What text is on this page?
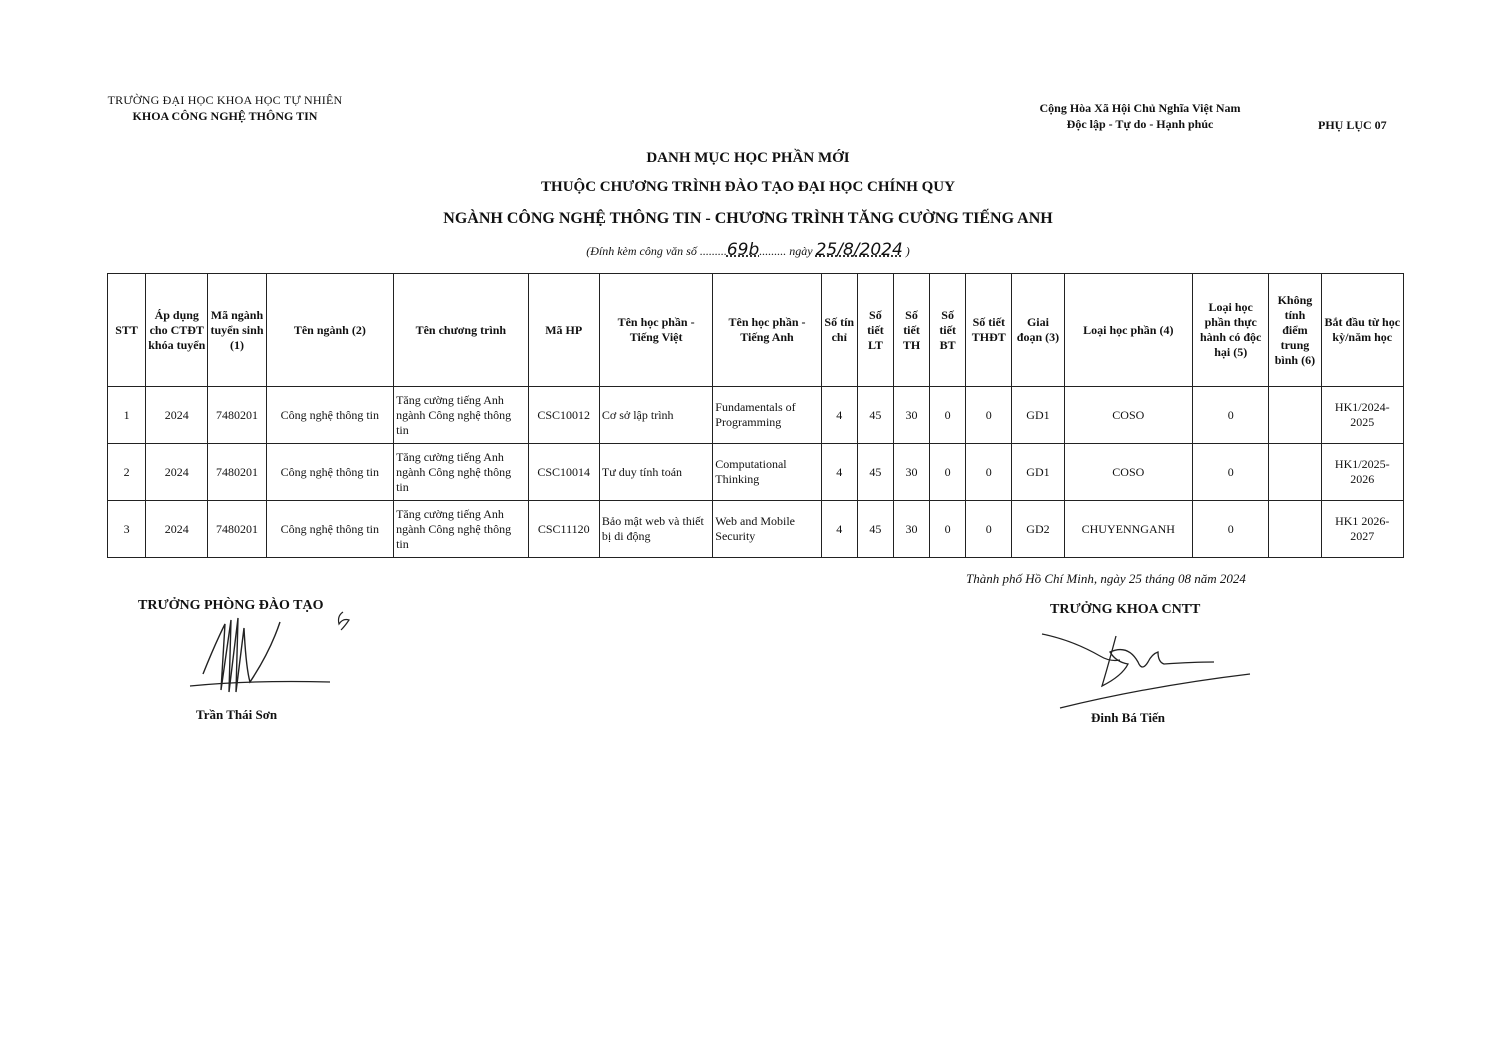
TRƯỜNG ĐẠI HỌC KHOA HỌC TỰ NHIÊN
KHOA CÔNG NGHỆ THÔNG TIN
Cộng Hòa Xã Hội Chủ Nghĩa Việt Nam
Độc lập - Tự do - Hạnh phúc	PHỤ LỤC 07
DANH MỤC HỌC PHẦN MỚI
THUỘC CHƯƠNG TRÌNH ĐÀO TẠO ĐẠI HỌC CHÍNH QUY
NGÀNH CÔNG NGHỆ THÔNG TIN - CHƯƠNG TRÌNH TĂNG CƯỜNG TIẾNG ANH
(Đính kèm công văn số .........69b......... ngày 25/8/2024 )
STT	Áp dụng cho CTĐT khóa tuyển	Mã ngành tuyển sinh (1)	Tên ngành (2)	Tên chương trình	Mã HP	Tên học phần - Tiếng Việt	Tên học phần - Tiếng Anh	Số tín chỉ	Số tiết LT	Số tiết TH	Số tiết BT	Số tiết THĐT	Giai đoạn (3)	Loại học phần (4)	Loại học phần thực hành có độc hại (5)	Không tính điểm trung bình (6)	Bắt đầu từ học kỳ/năm học
1	2024	7480201	Công nghệ thông tin	Tăng cường tiếng Anh ngành Công nghệ thông tin	CSC10012	Cơ sở lập trình	Fundamentals of Programming	4	45	30	0	0	GD1	COSO	0		HK1/2024-2025
2	2024	7480201	Công nghệ thông tin	Tăng cường tiếng Anh ngành Công nghệ thông tin	CSC10014	Tư duy tính toán	Computational Thinking	4	45	30	0	0	GD1	COSO	0		HK1/2025-2026
3	2024	7480201	Công nghệ thông tin	Tăng cường tiếng Anh ngành Công nghệ thông tin	CSC11120	Bảo mật web và thiết bị di động	Web and Mobile Security	4	45	30	0	0	GD2	CHUYENNGANH	0		HK1 2026-2027
Thành phố Hồ Chí Minh, ngày 25 tháng 08 năm 2024
TRƯỞNG PHÒNG ĐÀO TẠO
Trần Thái Sơn
TRƯỞNG KHOA CNTT
Đinh Bá Tiến
